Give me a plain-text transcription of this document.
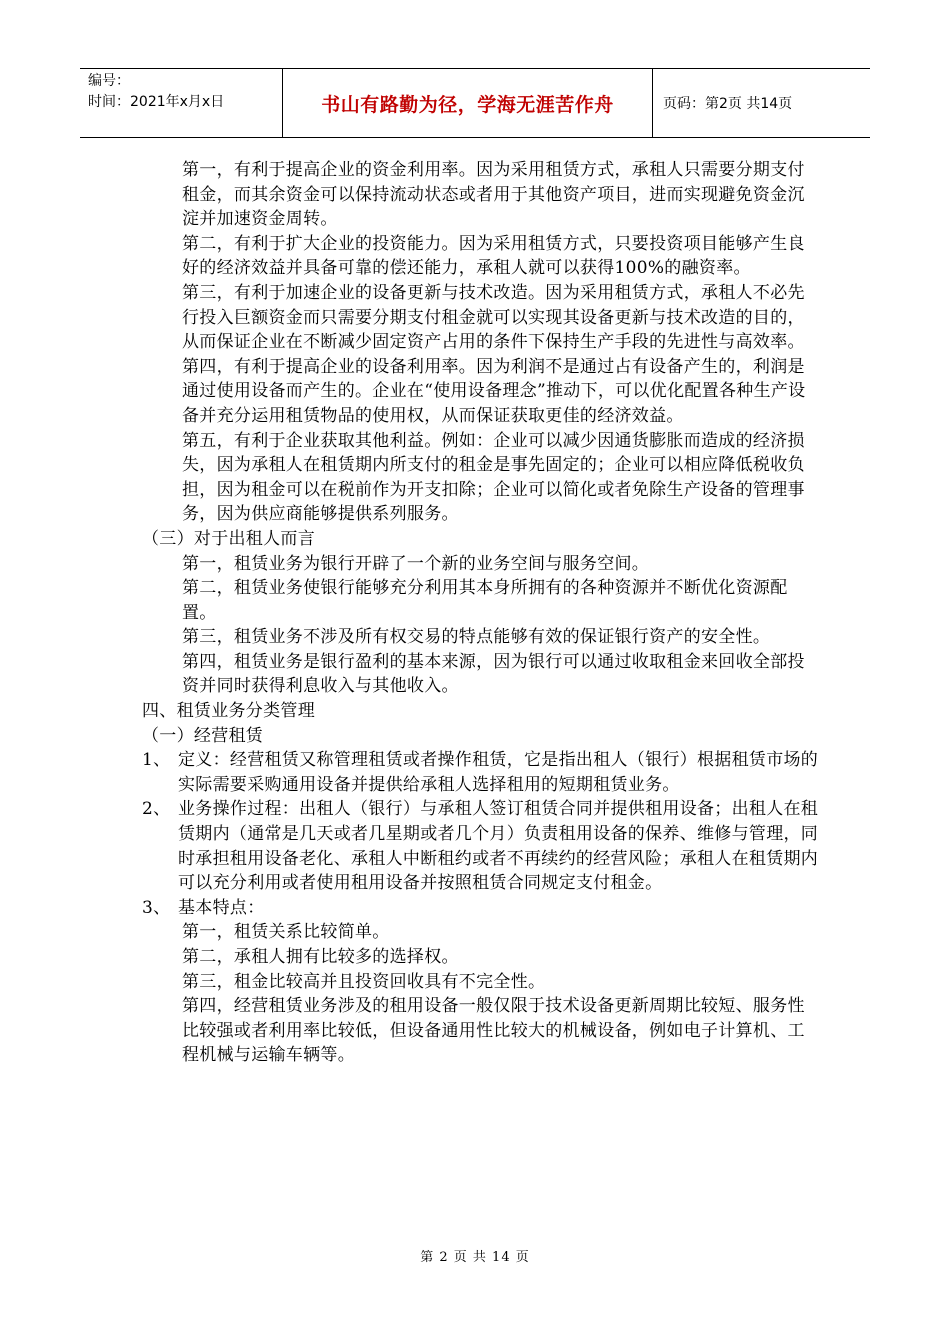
编号：
时间：2021年x月x日	书山有路勤为径，学海无涯苦作舟	页码：第2页 共14页

第一，有利于提高企业的资金利用率。因为采用租赁方式，承租人只需要分期支付租金，而其余资金可以保持流动状态或者用于其他资产项目，进而实现避免资金沉淀并加速资金周转。

第二，有利于扩大企业的投资能力。因为采用租赁方式，只要投资项目能够产生良好的经济效益并具备可靠的偿还能力，承租人就可以获得100%的融资率。

第三，有利于加速企业的设备更新与技术改造。因为采用租赁方式，承租人不必先行投入巨额资金而只需要分期支付租金就可以实现其设备更新与技术改造的目的，从而保证企业在不断减少固定资产占用的条件下保持生产手段的先进性与高效率。

第四，有利于提高企业的设备利用率。因为利润不是通过占有设备产生的，利润是通过使用设备而产生的。企业在“使用设备理念”推动下，可以优化配置各种生产设备并充分运用租赁物品的使用权，从而保证获取更佳的经济效益。

第五，有利于企业获取其他利益。例如：企业可以减少因通货膨胀而造成的经济损失，因为承租人在租赁期内所支付的租金是事先固定的；企业可以相应降低税收负担，因为租金可以在税前作为开支扣除；企业可以简化或者免除生产设备的管理事务，因为供应商能够提供系列服务。

（三）对于出租人而言

第一，租赁业务为银行开辟了一个新的业务空间与服务空间。

第二，租赁业务使银行能够充分利用其本身所拥有的各种资源并不断优化资源配置。

第三，租赁业务不涉及所有权交易的特点能够有效的保证银行资产的安全性。

第四，租赁业务是银行盈利的基本来源，因为银行可以通过收取租金来回收全部投资并同时获得利息收入与其他收入。

四、租赁业务分类管理

（一）经营租赁

1、 定义：经营租赁又称管理租赁或者操作租赁，它是指出租人（银行）根据租赁市场的实际需要采购通用设备并提供给承租人选择租用的短期租赁业务。
2、 业务操作过程：出租人（银行）与承租人签订租赁合同并提供租用设备；出租人在租赁期内（通常是几天或者几星期或者几个月）负责租用设备的保养、维修与管理，同时承担租用设备老化、承租人中断租约或者不再续约的经营风险；承租人在租赁期内可以充分利用或者使用租用设备并按照租赁合同规定支付租金。
3、 基本特点：

第一，租赁关系比较简单。

第二，承租人拥有比较多的选择权。

第三，租金比较高并且投资回收具有不完全性。

第四，经营租赁业务涉及的租用设备一般仅限于技术设备更新周期比较短、服务性比较强或者利用率比较低，但设备通用性比较大的机械设备，例如电子计算机、工程机械与运输车辆等。

第 2 页 共 14 页
